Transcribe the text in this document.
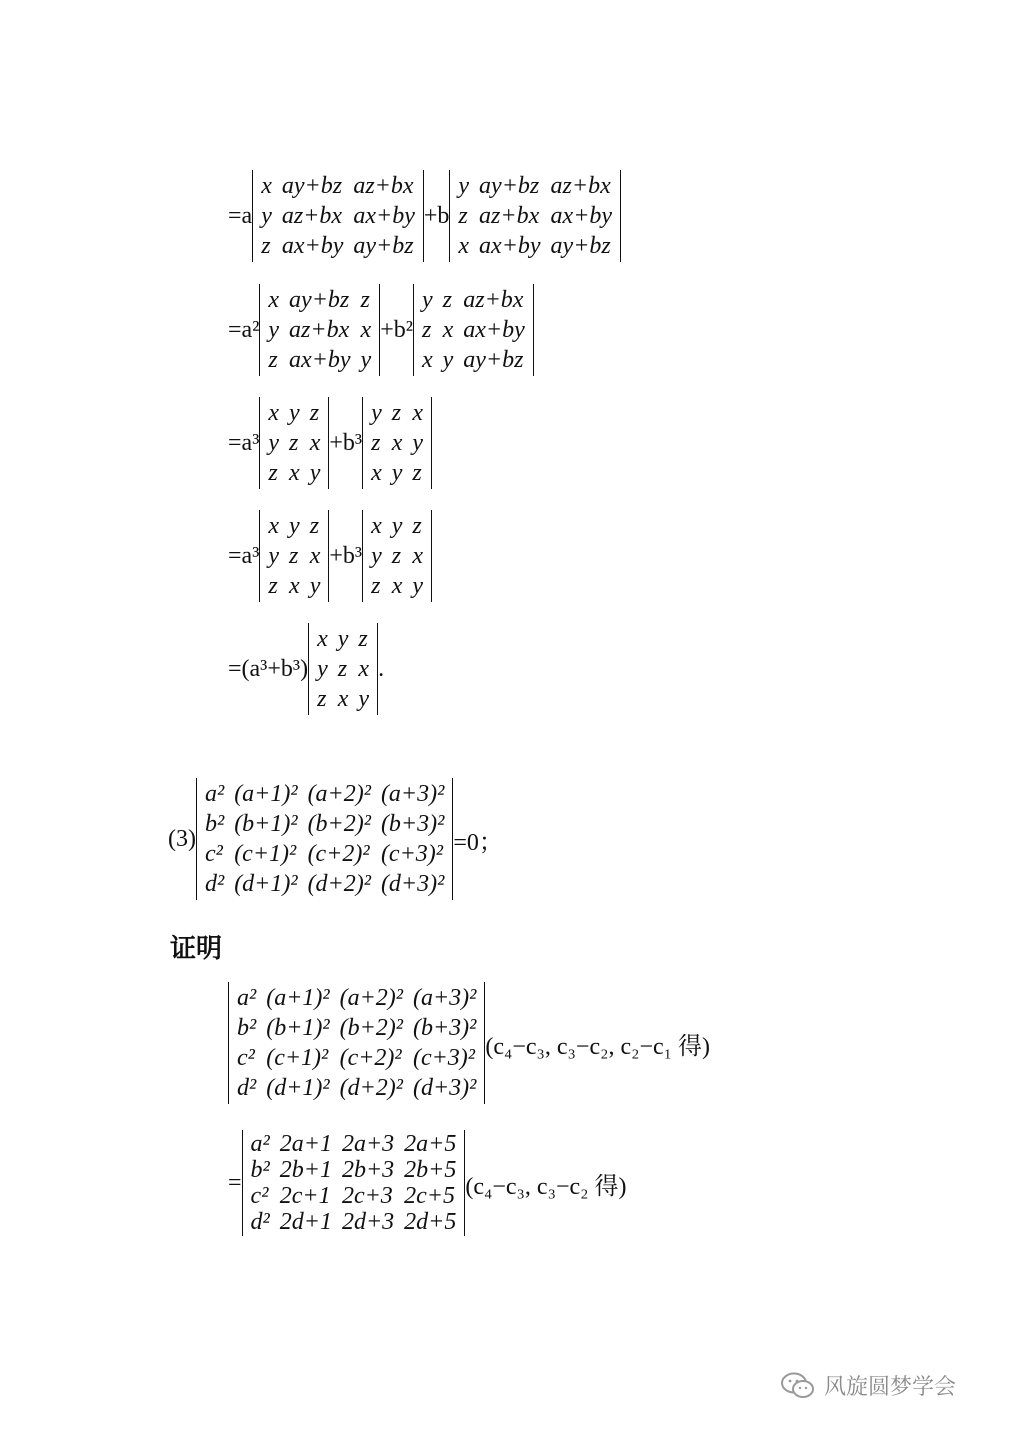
=a
x	ay+bz	az+bx
y	az+bx	ax+by
z	ax+by	ay+bz
+b
y	ay+bz	az+bx
z	az+bx	ax+by
x	ax+by	ay+bz
=a²
x	ay+bz	z
y	az+bx	x
z	ax+by	y
+b²
y	z	az+bx
z	x	ax+by
x	y	ay+bz
=a³
x	y	z
y	z	x
z	x	y
+b³
y	z	x
z	x	y
x	y	z
=a³
x	y	z
y	z	x
z	x	y
+b³
x	y	z
y	z	x
z	x	y
=(a³+b³)
x	y	z
y	z	x
z	x	y
.
(3)
a²	(a+1)²	(a+2)²	(a+3)²
b²	(b+1)²	(b+2)²	(b+3)²
c²	(c+1)²	(c+2)²	(c+3)²
d²	(d+1)²	(d+2)²	(d+3)²
=0；
证明
a²	(a+1)²	(a+2)²	(a+3)²
b²	(b+1)²	(b+2)²	(b+3)²
c²	(c+1)²	(c+2)²	(c+3)²
d²	(d+1)²	(d+2)²	(d+3)²
(c₄−c₃, c₃−c₂, c₂−c₁ 得)
=
a²	2a+1	2a+3	2a+5
b²	2b+1	2b+3	2b+5
c²	2c+1	2c+3	2c+5
d²	2d+1	2d+3	2d+5
(c₄−c₃, c₃−c₂ 得)
风旋圆梦学会
